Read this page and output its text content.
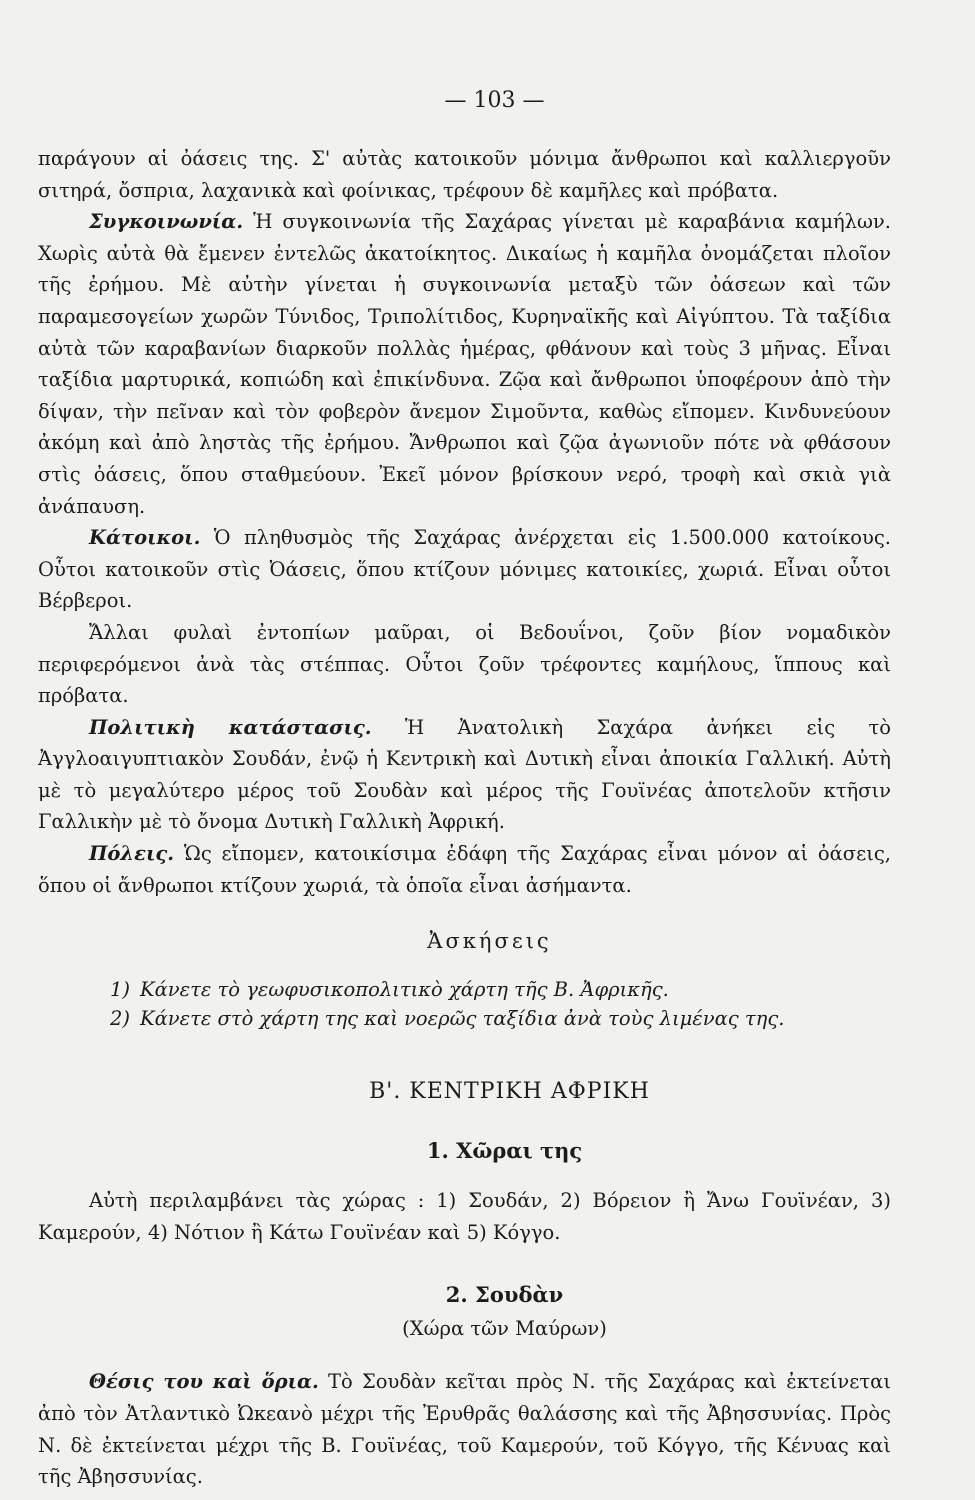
— 103 —

παράγουν αἱ ὀάσεις της. Σ' αὐτὰς κατοικοῦν μόνιμα ἄνθρωποι καὶ καλλιεργοῦν σιτηρά, ὄσπρια, λαχανικὰ καὶ φοίνικας, τρέφουν δὲ καμῆλες καὶ πρόβατα.

Συγκοινωνία. Ἡ συγκοινωνία τῆς Σαχάρας γίνεται μὲ καραβάνια καμήλων. Χωρὶς αὐτὰ θὰ ἔμενεν ἐντελῶς ἀκατοίκητος. Δικαίως ἡ καμῆλα ὀνομάζεται πλοῖον τῆς ἐρήμου. Μὲ αὐτὴν γίνεται ἡ συγκοινωνία μεταξὺ τῶν ὀάσεων καὶ τῶν παραμεσογείων χωρῶν Τύνιδος, Τριπολίτιδος, Κυρηναϊκῆς καὶ Αἰγύπτου. Τὰ ταξίδια αὐτὰ τῶν καραβανίων διαρκοῦν πολλὰς ἡμέρας, φθάνουν καὶ τοὺς 3 μῆνας. Εἶναι ταξίδια μαρτυρικά, κοπιώδη καὶ ἐπικίνδυνα. Ζῷα καὶ ἄνθρωποι ὑποφέρουν ἀπὸ τὴν δίψαν, τὴν πεῖναν καὶ τὸν φοβερὸν ἄνεμον Σιμοῦντα, καθὼς εἴπομεν. Κινδυνεύουν ἀκόμη καὶ ἀπὸ ληστὰς τῆς ἐρήμου. Ἄνθρωποι καὶ ζῷα ἀγωνιοῦν πότε νὰ φθάσουν στὶς ὀάσεις, ὅπου σταθμεύουν. Ἐκεῖ μόνον βρίσκουν νερό, τροφὴ καὶ σκιὰ γιὰ ἀνάπαυση.

Κάτοικοι. Ὁ πληθυσμὸς τῆς Σαχάρας ἀνέρχεται εἰς 1.500.000 κατοίκους. Οὗτοι κατοικοῦν στὶς Ὀάσεις, ὅπου κτίζουν μόνιμες κατοικίες, χωριά. Εἶναι οὗτοι Βέρβεροι.

Ἄλλαι φυλαὶ ἐντοπίων μαῦραι, οἱ Βεδουΐνοι, ζοῦν βίον νομαδικὸν περιφερόμενοι ἀνὰ τὰς στέππας. Οὗτοι ζοῦν τρέφοντες καμήλους, ἵππους καὶ πρόβατα.

Πολιτικὴ κατάστασις. Ἡ Ἀνατολικὴ Σαχάρα ἀνήκει εἰς τὸ Ἀγγλοαιγυπτιακὸν Σουδάν, ἐνῷ ἡ Κεντρικὴ καὶ Δυτικὴ εἶναι ἀποικία Γαλλική. Αὐτὴ μὲ τὸ μεγαλύτερο μέρος τοῦ Σουδὰν καὶ μέρος τῆς Γουϊνέας ἀποτελοῦν κτῆσιν Γαλλικὴν μὲ τὸ ὄνομα Δυτικὴ Γαλλικὴ Ἀφρική.

Πόλεις. Ὡς εἴπομεν, κατοικίσιμα ἐδάφη τῆς Σαχάρας εἶναι μόνον αἱ ὀάσεις, ὅπου οἱ ἄνθρωποι κτίζουν χωριά, τὰ ὁποῖα εἶναι ἀσήμαντα.

Ἀσκήσεις
1) Κάνετε τὸ γεωφυσικοπολιτικὸ χάρτη τῆς Β. Ἀφρικῆς.
2) Κάνετε στὸ χάρτη της καὶ νοερῶς ταξίδια ἀνὰ τοὺς λιμένας της.
Β'. ΚΕΝΤΡΙΚΗ ΑΦΡΙΚΗ
1. Χῶραι της

Αὐτὴ περιλαμβάνει τὰς χώρας : 1) Σουδάν, 2) Βόρειον ἢ Ἄνω Γουϊνέαν, 3) Καμερούν, 4) Νότιον ἢ Κάτω Γουϊνέαν καὶ 5) Κόγγο.

2. Σουδὰν
(Χώρα τῶν Μαύρων)

Θέσις του καὶ ὅρια. Τὸ Σουδὰν κεῖται πρὸς Ν. τῆς Σαχάρας καὶ ἐκτείνεται ἀπὸ τὸν Ἀτλαντικὸ Ὠκεανὸ μέχρι τῆς Ἐρυθρᾶς θαλάσσης καὶ τῆς Ἀβησσυνίας. Πρὸς Ν. δὲ ἐκτείνεται μέχρι τῆς Β. Γουϊνέας, τοῦ Καμερούν, τοῦ Κόγγο, τῆς Κένυας καὶ τῆς Ἀβησσυνίας.
